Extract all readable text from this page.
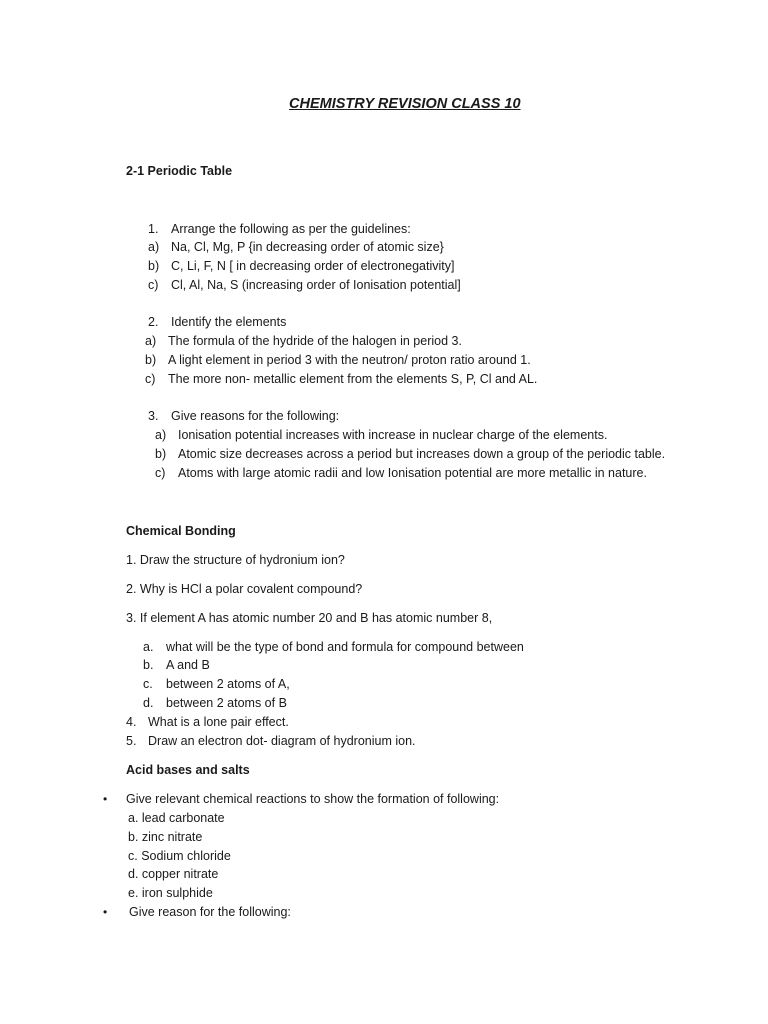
CHEMISTRY REVISION CLASS 10
2-1 Periodic Table
1. Arrange the following as per the guidelines:
a) Na, Cl, Mg, P {in decreasing order of atomic size}
b) C, Li, F, N [ in decreasing order of electronegativity]
c) Cl, Al, Na, S (increasing order of Ionisation potential]
2. Identify the elements
a) The formula of the hydride of the halogen in period 3.
b) A light element in period 3 with the neutron/ proton ratio around 1.
c) The more non- metallic element from the elements S, P, Cl and AL.
3. Give reasons for the following:
a) Ionisation potential increases with increase in nuclear charge of the elements.
b) Atomic size decreases across a period but increases down a group of the periodic table.
c) Atoms with large atomic radii and low Ionisation potential are more metallic in nature.
Chemical Bonding
1. Draw the structure of hydronium ion?
2. Why is HCl a polar covalent compound?
3. If element A has atomic number 20 and B has atomic number 8,
a. what will be the type of bond and formula for compound between
b. A and B
c. between 2 atoms of A,
d. between 2 atoms of B
4. What is a lone pair effect.
5. Draw an electron dot- diagram of hydronium ion.
Acid bases and salts
• Give relevant chemical reactions to show the formation of following:
a. lead carbonate
b. zinc nitrate
c. Sodium chloride
d. copper nitrate
e. iron sulphide
• Give reason for the following:
